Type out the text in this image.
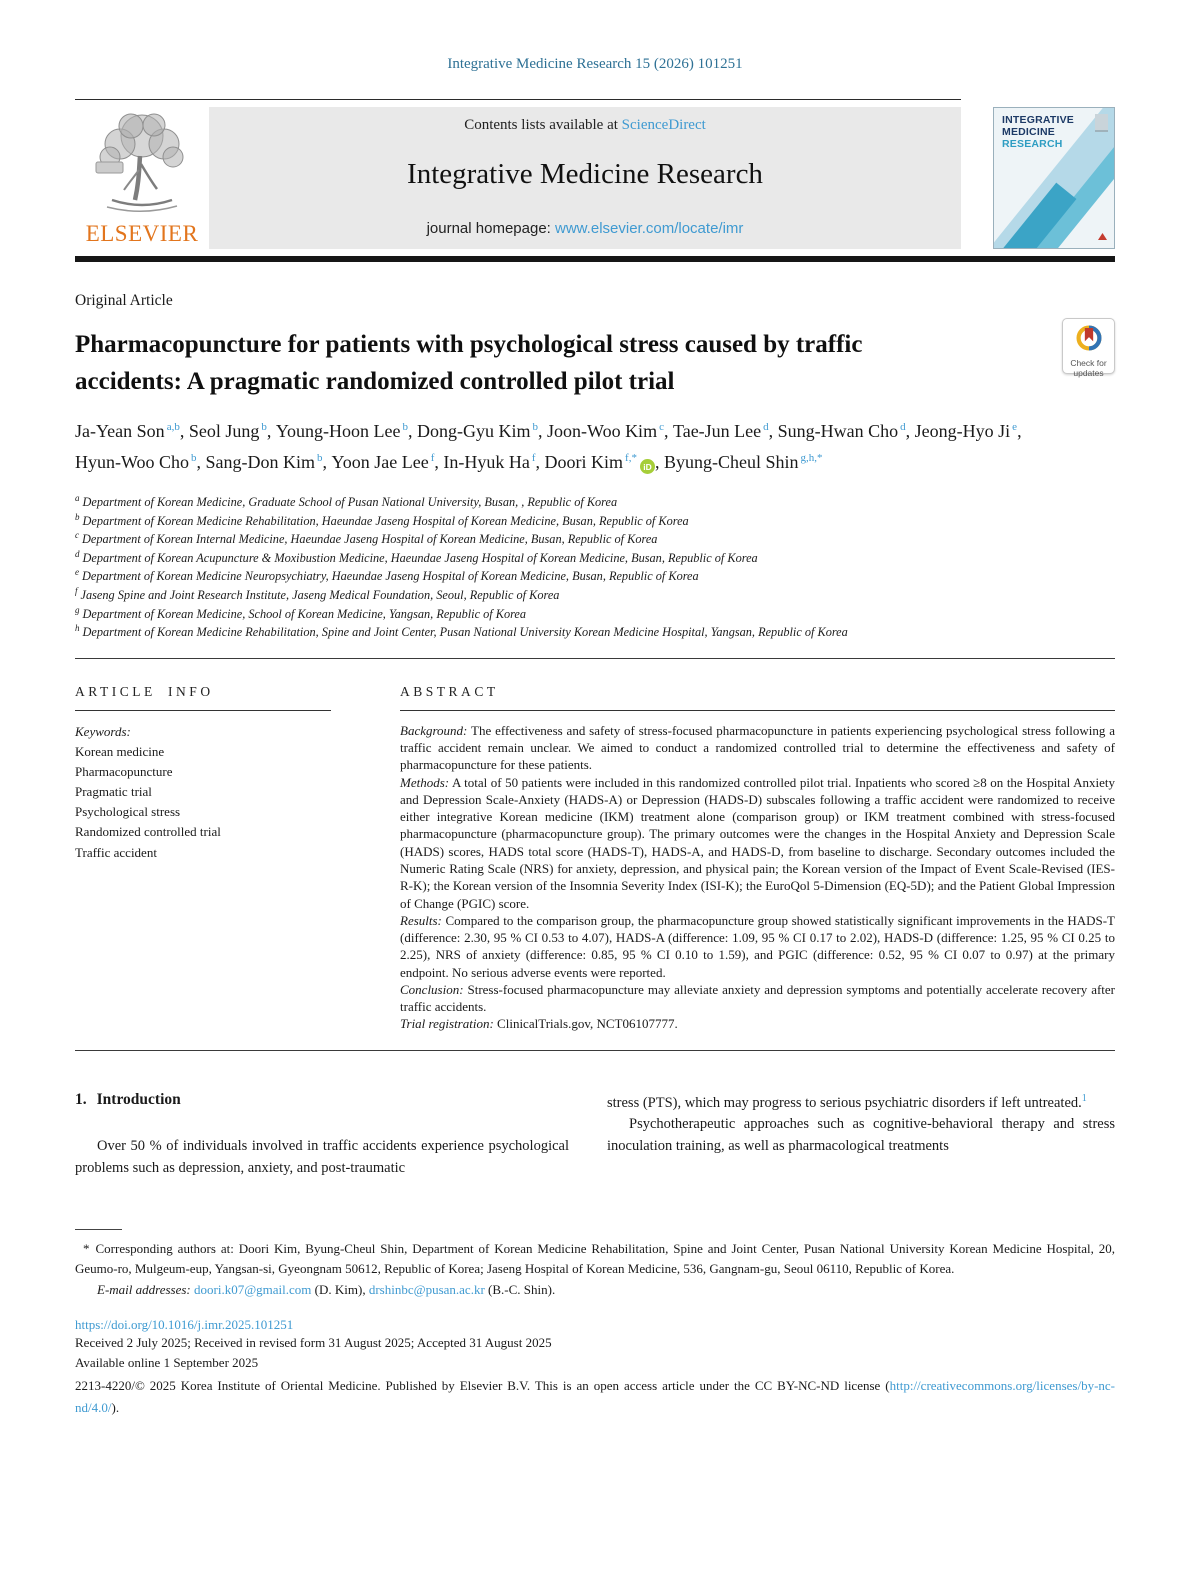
Integrative Medicine Research 15 (2026) 101251
ELSEVIER
Contents lists available at ScienceDirect
Integrative Medicine Research
journal homepage: www.elsevier.com/locate/imr
INTEGRATIVE
MEDICINE
RESEARCH
Original Article
Check for
updates
Pharmacopuncture for patients with psychological stress caused by traffic
accidents: A pragmatic randomized controlled pilot trial
Ja-Yean Son $^{a,b}$, Seol Jung $^b$, Young-Hoon Lee $^b$, Dong-Gyu Kim $^b$, Joon-Woo Kim $^c$, Tae-Jun Lee $^d$, Sung-Hwan Cho $^d$, Jeong-Hyo Ji $^e$, Hyun-Woo Cho $^b$, Sang-Don Kim $^b$, Yoon Jae Lee $^f$, In-Hyuk Ha $^f$, Doori Kim $^{f,*}$iD , Byung-Cheul Shin $^{g,h,*}$
$^a$ Department of Korean Medicine, Graduate School of Pusan National University, Busan, , Republic of Korea
$^b$ Department of Korean Medicine Rehabilitation, Haeundae Jaseng Hospital of Korean Medicine, Busan, Republic of Korea
$^c$ Department of Korean Internal Medicine, Haeundae Jaseng Hospital of Korean Medicine, Busan, Republic of Korea
$^d$ Department of Korean Acupuncture & Moxibustion Medicine, Haeundae Jaseng Hospital of Korean Medicine, Busan, Republic of Korea
$^e$ Department of Korean Medicine Neuropsychiatry, Haeundae Jaseng Hospital of Korean Medicine, Busan, Republic of Korea
$^f$ Jaseng Spine and Joint Research Institute, Jaseng Medical Foundation, Seoul, Republic of Korea
$^g$ Department of Korean Medicine, School of Korean Medicine, Yangsan, Republic of Korea
$^h$ Department of Korean Medicine Rehabilitation, Spine and Joint Center, Pusan National University Korean Medicine Hospital, Yangsan, Republic of Korea
ARTICLE INFO
Keywords:
Korean medicine
Pharmacopuncture
Pragmatic trial
Psychological stress
Randomized controlled trial
Traffic accident
ABSTRACT

Background: The effectiveness and safety of stress-focused pharmacopuncture in patients experiencing psychological stress following a traffic accident remain unclear. We aimed to conduct a randomized controlled trial to determine the effectiveness and safety of pharmacopuncture for these patients.

Methods: A total of 50 patients were included in this randomized controlled pilot trial. Inpatients who scored ≥8 on the Hospital Anxiety and Depression Scale-Anxiety (HADS-A) or Depression (HADS-D) subscales following a traffic accident were randomized to receive either integrative Korean medicine (IKM) treatment alone (comparison group) or IKM treatment combined with stress-focused pharmacopuncture (pharmacopuncture group). The primary outcomes were the changes in the Hospital Anxiety and Depression Scale (HADS) scores, HADS total score (HADS-T), HADS-A, and HADS-D, from baseline to discharge. Secondary outcomes included the Numeric Rating Scale (NRS) for anxiety, depression, and physical pain; the Korean version of the Impact of Event Scale-Revised (IES-R-K); the Korean version of the Insomnia Severity Index (ISI-K); the EuroQol 5-Dimension (EQ-5D); and the Patient Global Impression of Change (PGIC) score.

Results: Compared to the comparison group, the pharmacopuncture group showed statistically significant improvements in the HADS-T (difference: 2.30, 95 % CI 0.53 to 4.07), HADS-A (difference: 1.09, 95 % CI 0.17 to 2.02), HADS-D (difference: 1.25, 95 % CI 0.25 to 2.25), NRS of anxiety (difference: 0.85, 95 % CI 0.10 to 1.59), and PGIC (difference: 0.52, 95 % CI 0.07 to 0.97) at the primary endpoint. No serious adverse events were reported.

Conclusion: Stress-focused pharmacopuncture may alleviate anxiety and depression symptoms and potentially accelerate recovery after traffic accidents.

Trial registration: ClinicalTrials.gov, NCT06107777.

1. Introduction

Over 50 % of individuals involved in traffic accidents experience psychological problems such as depression, anxiety, and post-traumatic

stress (PTS), which may progress to serious psychiatric disorders if left untreated.$^1$

Psychotherapeutic approaches such as cognitive-behavioral therapy and stress inoculation training, as well as pharmacological treatments

* Corresponding authors at: Doori Kim, Byung-Cheul Shin, Department of Korean Medicine Rehabilitation, Spine and Joint Center, Pusan National University Korean Medicine Hospital, 20, Geumo-ro, Mulgeum-eup, Yangsan-si, Gyeongnam 50612, Republic of Korea; Jaseng Hospital of Korean Medicine, 536, Gangnam-gu, Seoul 06110, Republic of Korea.

E-mail addresses: doori.k07@gmail.com (D. Kim), drshinbc@pusan.ac.kr (B.-C. Shin).

https://doi.org/10.1016/j.imr.2025.101251

Received 2 July 2025; Received in revised form 31 August 2025; Accepted 31 August 2025

Available online 1 September 2025

2213-4220/© 2025 Korea Institute of Oriental Medicine. Published by Elsevier B.V. This is an open access article under the CC BY-NC-ND license (http://creativecommons.org/licenses/by-nc-nd/4.0/).
